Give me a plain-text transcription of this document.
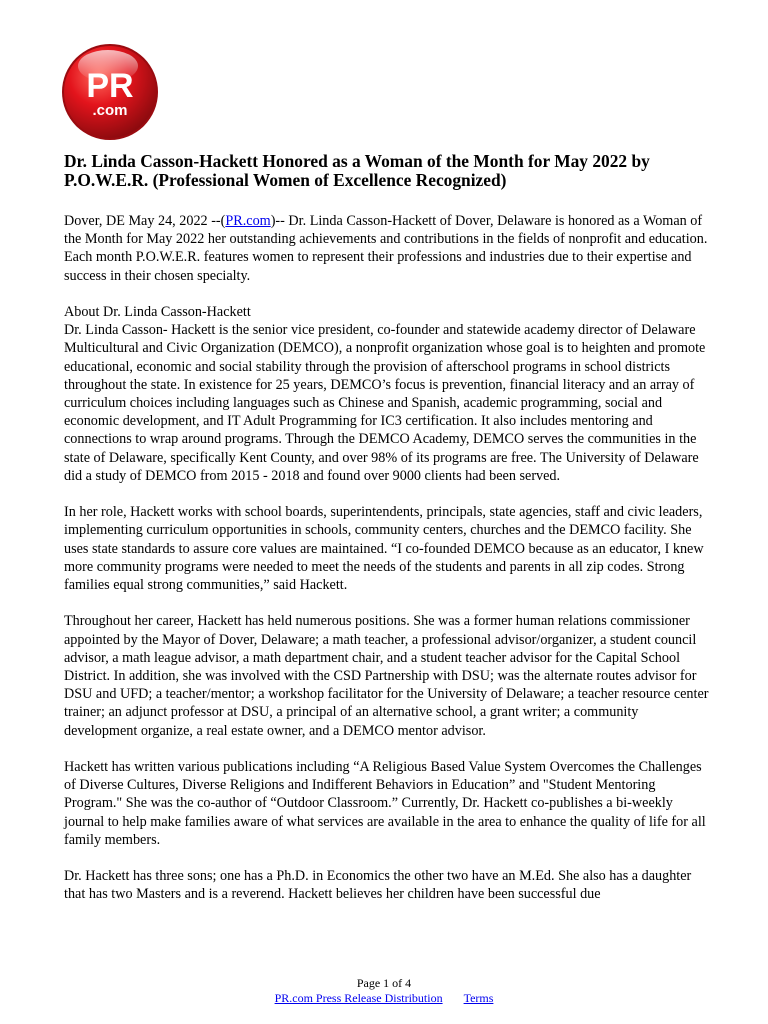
PR
.com
Dr. Linda Casson-Hackett Honored as a Woman of the Month for May 2022 by P.O.W.E.R. (Professional Women of Excellence Recognized)

Dover, DE May 24, 2022 --(PR.com)-- Dr. Linda Casson-Hackett of Dover, Delaware is honored as a Woman of the Month for May 2022 her outstanding achievements and contributions in the fields of nonprofit and education. Each month P.O.W.E.R. features women to represent their professions and industries due to their expertise and success in their chosen specialty.

About Dr. Linda Casson-Hackett
Dr. Linda Casson- Hackett is the senior vice president, co-founder and statewide academy director of Delaware Multicultural and Civic Organization (DEMCO), a nonprofit organization whose goal is to heighten and promote educational, economic and social stability through the provision of afterschool programs in school districts throughout the state. In existence for 25 years, DEMCO’s focus is prevention, financial literacy and an array of curriculum choices including languages such as Chinese and Spanish, academic programming, social and economic development, and IT Adult Programming for IC3 certification. It also includes mentoring and connections to wrap around programs. Through the DEMCO Academy, DEMCO serves the communities in the state of Delaware, specifically Kent County, and over 98% of its programs are free. The University of Delaware did a study of DEMCO from 2015 - 2018 and found over 9000 clients had been served.

In her role, Hackett works with school boards, superintendents, principals, state agencies, staff and civic leaders, implementing curriculum opportunities in schools, community centers, churches and the DEMCO facility. She uses state standards to assure core values are maintained. “I co-founded DEMCO because as an educator, I knew more community programs were needed to meet the needs of the students and parents in all zip codes. Strong families equal strong communities,” said Hackett.

Throughout her career, Hackett has held numerous positions. She was a former human relations commissioner appointed by the Mayor of Dover, Delaware; a math teacher, a professional advisor/organizer, a student council advisor, a math league advisor, a math department chair, and a student teacher advisor for the Capital School District. In addition, she was involved with the CSD Partnership with DSU; was the alternate routes advisor for DSU and UFD; a teacher/mentor; a workshop facilitator for the University of Delaware; a teacher resource center trainer; an adjunct professor at DSU, a principal of an alternative school, a grant writer; a community development organize, a real estate owner, and a DEMCO mentor advisor.

Hackett has written various publications including “A Religious Based Value System Overcomes the Challenges of Diverse Cultures, Diverse Religions and Indifferent Behaviors in Education” and "Student Mentoring Program." She was the co-author of “Outdoor Classroom.” Currently, Dr. Hackett co-publishes a bi-weekly journal to help make families aware of what services are available in the area to enhance the quality of life for all family members.

Dr. Hackett has three sons; one has a Ph.D. in Economics the other two have an M.Ed. She also has a daughter that has two Masters and is a reverend. Hackett believes her children have been successful due

Page 1 of 4
PR.com Press Release Distribution Terms
